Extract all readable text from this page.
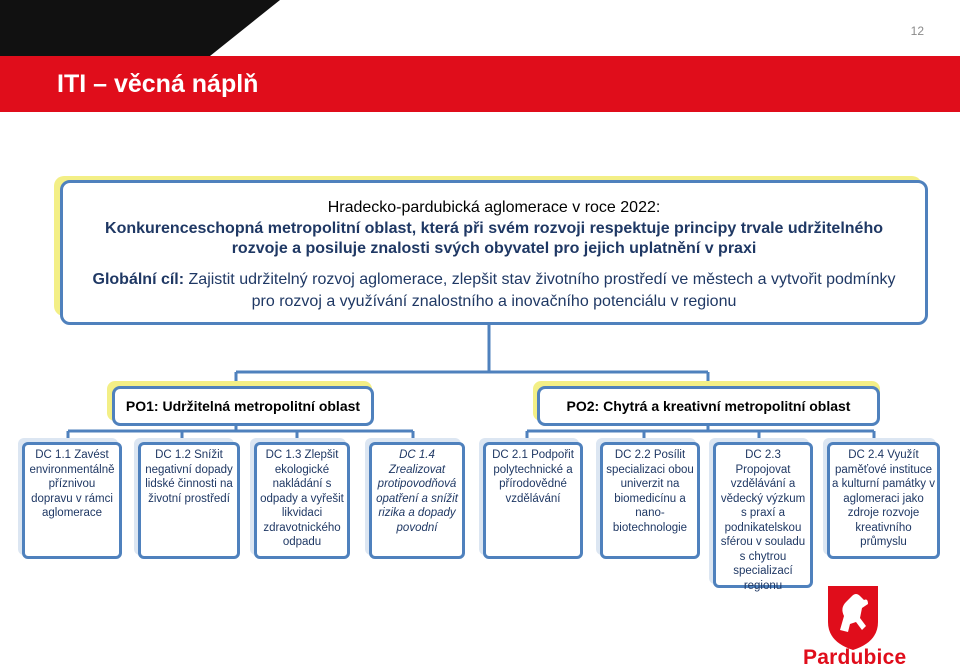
12
ITI – věcná náplň
Hradecko-pardubická aglomerace v roce 2022:
Konkurenceschopná metropolitní oblast, která při svém rozvoji respektuje principy trvale udržitelného rozvoje a posiluje znalosti svých obyvatel pro jejich uplatnění v praxi
Globální cíl: Zajistit udržitelný rozvoj aglomerace, zlepšit stav životního prostředí ve městech a vytvořit podmínky pro rozvoj a využívání znalostního a inovačního potenciálu v regionu
PO1: Udržitelná metropolitní oblast	PO2: Chytrá a kreativní metropolitní oblast
DC 1.1 Zavést environmentálně příznivou dopravu v rámci aglomerace
DC 1.2 Snížit negativní dopady lidské činnosti na životní prostředí
DC 1.3 Zlepšit ekologické nakládání s odpady a vyřešit likvidaci zdravotnického odpadu
DC 1.4 Zrealizovat protipovodňová opatření a snížit rizika a dopady povodní
DC 2.1 Podpořit polytechnické a přírodovědné vzdělávání
DC 2.2 Posílit specializaci obou univerzit na biomedicínu a nano-biotechnologie
DC 2.3 Propojovat vzdělávání a vědecký výzkum s praxí a podnikatelskou sférou v souladu s chytrou specializací regionu
DC 2.4 Využít paměťové instituce a kulturní památky v aglomeraci jako zdroje rozvoje kreativního průmyslu
Pardubice
